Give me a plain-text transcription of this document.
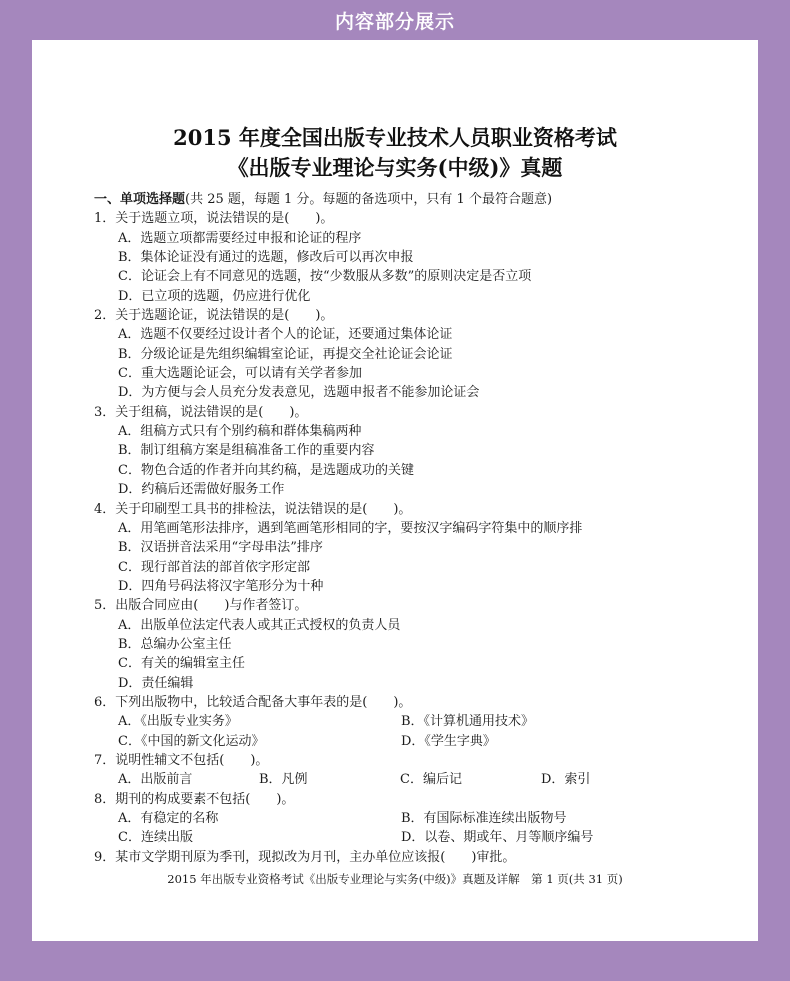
内容部分展示
2015 年度全国出版专业技术人员职业资格考试
《出版专业理论与实务(中级)》真题
一、单项选择题(共 25 题，每题 1 分。每题的备选项中，只有 1 个最符合题意)
1．关于选题立项，说法错误的是(　　)。
A．选题立项都需要经过申报和论证的程序
B．集体论证没有通过的选题，修改后可以再次申报
C．论证会上有不同意见的选题，按“少数服从多数”的原则决定是否立项
D．已立项的选题，仍应进行优化
2．关于选题论证，说法错误的是(　　)。
A．选题不仅要经过设计者个人的论证，还要通过集体论证
B．分级论证是先组织编辑室论证，再提交全社论证会论证
C．重大选题论证会，可以请有关学者参加
D．为方便与会人员充分发表意见，选题申报者不能参加论证会
3．关于组稿，说法错误的是(　　)。
A．组稿方式只有个别约稿和群体集稿两种
B．制订组稿方案是组稿准备工作的重要内容
C．物色合适的作者并向其约稿，是选题成功的关键
D．约稿后还需做好服务工作
4．关于印刷型工具书的排检法，说法错误的是(　　)。
A．用笔画笔形法排序，遇到笔画笔形相同的字，要按汉字编码字符集中的顺序排
B．汉语拼音法采用“字母串法”排序
C．现行部首法的部首依字形定部
D．四角号码法将汉字笔形分为十种
5．出版合同应由(　　)与作者签订。
A．出版单位法定代表人或其正式授权的负责人员
B．总编办公室主任
C．有关的编辑室主任
D．责任编辑
6．下列出版物中，比较适合配备大事年表的是(　　)。
A．《出版专业实务》	B．《计算机通用技术》
C．《中国的新文化运动》	D．《学生字典》
7．说明性辅文不包括(　　)。
A．出版前言	B．凡例	C．编后记	D．索引
8．期刊的构成要素不包括(　　)。
A．有稳定的名称	B．有国际标准连续出版物号
C．连续出版	D．以卷、期或年、月等顺序编号
9．某市文学期刊原为季刊，现拟改为月刊，主办单位应该报(　　)审批。
2015 年出版专业资格考试《出版专业理论与实务(中级)》真题及详解　第 1 页(共 31 页)
